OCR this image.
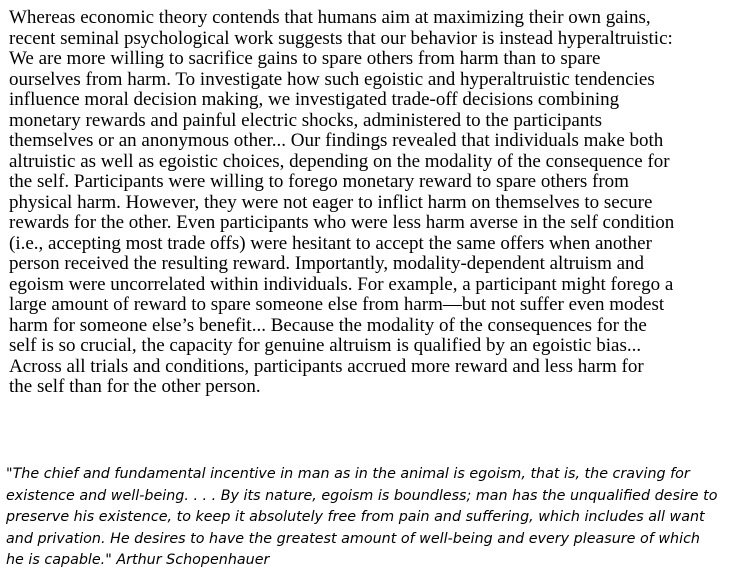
Whereas economic theory contends that humans aim at maximizing their own gains,
recent seminal psychological work suggests that our behavior is instead hyperaltruistic:
We are more willing to sacrifice gains to spare others from harm than to spare
ourselves from harm. To investigate how such egoistic and hyperaltruistic tendencies
influence moral decision making, we investigated trade-off decisions combining
monetary rewards and painful electric shocks, administered to the participants
themselves or an anonymous other... Our findings revealed that individuals make both
altruistic as well as egoistic choices, depending on the modality of the consequence for
the self. Participants were willing to forego monetary reward to spare others from
physical harm. However, they were not eager to inflict harm on themselves to secure
rewards for the other. Even participants who were less harm averse in the self condition
(i.e., accepting most trade offs) were hesitant to accept the same offers when another
person received the resulting reward. Importantly, modality-dependent altruism and
egoism were uncorrelated within individuals. For example, a participant might forego a
large amount of reward to spare someone else from harm—but not suffer even modest
harm for someone else’s benefit... Because the modality of the consequences for the
self is so crucial, the capacity for genuine altruism is qualified by an egoistic bias...
Across all trials and conditions, participants accrued more reward and less harm for
the self than for the other person.
"The chief and fundamental incentive in man as in the animal is egoism, that is, the craving for
existence and well-being. . . . By its nature, egoism is boundless; man has the unqualified desire to
preserve his existence, to keep it absolutely free from pain and suffering, which includes all want
and privation. He desires to have the greatest amount of well-being and every pleasure of which
he is capable." Arthur Schopenhauer
